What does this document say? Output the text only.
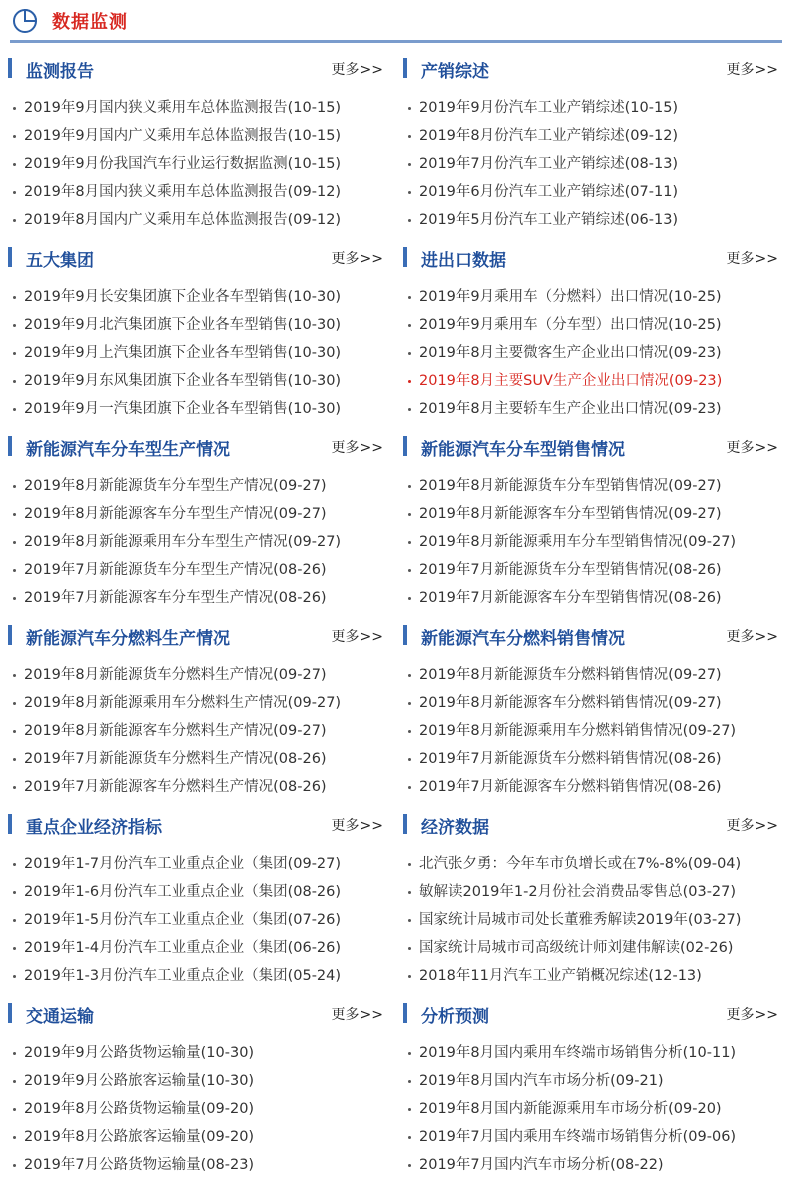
数据监测
监测报告	更多>>
2019年9月国内狭义乘用车总体监测报告(10-15)
2019年9月国内广义乘用车总体监测报告(10-15)
2019年9月份我国汽车行业运行数据监测(10-15)
2019年8月国内狭义乘用车总体监测报告(09-12)
2019年8月国内广义乘用车总体监测报告(09-12)
产销综述	更多>>
2019年9月份汽车工业产销综述(10-15)
2019年8月份汽车工业产销综述(09-12)
2019年7月份汽车工业产销综述(08-13)
2019年6月份汽车工业产销综述(07-11)
2019年5月份汽车工业产销综述(06-13)
五大集团	更多>>
2019年9月长安集团旗下企业各车型销售(10-30)
2019年9月北汽集团旗下企业各车型销售(10-30)
2019年9月上汽集团旗下企业各车型销售(10-30)
2019年9月东风集团旗下企业各车型销售(10-30)
2019年9月一汽集团旗下企业各车型销售(10-30)
进出口数据	更多>>
2019年9月乘用车（分燃料）出口情况(10-25)
2019年9月乘用车（分车型）出口情况(10-25)
2019年8月主要微客生产企业出口情况(09-23)
2019年8月主要SUV生产企业出口情况(09-23)
2019年8月主要轿车生产企业出口情况(09-23)
新能源汽车分车型生产情况	更多>>
2019年8月新能源货车分车型生产情况(09-27)
2019年8月新能源客车分车型生产情况(09-27)
2019年8月新能源乘用车分车型生产情况(09-27)
2019年7月新能源货车分车型生产情况(08-26)
2019年7月新能源客车分车型生产情况(08-26)
新能源汽车分车型销售情况	更多>>
2019年8月新能源货车分车型销售情况(09-27)
2019年8月新能源客车分车型销售情况(09-27)
2019年8月新能源乘用车分车型销售情况(09-27)
2019年7月新能源货车分车型销售情况(08-26)
2019年7月新能源客车分车型销售情况(08-26)
新能源汽车分燃料生产情况	更多>>
2019年8月新能源货车分燃料生产情况(09-27)
2019年8月新能源乘用车分燃料生产情况(09-27)
2019年8月新能源客车分燃料生产情况(09-27)
2019年7月新能源货车分燃料生产情况(08-26)
2019年7月新能源客车分燃料生产情况(08-26)
新能源汽车分燃料销售情况	更多>>
2019年8月新能源货车分燃料销售情况(09-27)
2019年8月新能源客车分燃料销售情况(09-27)
2019年8月新能源乘用车分燃料销售情况(09-27)
2019年7月新能源货车分燃料销售情况(08-26)
2019年7月新能源客车分燃料销售情况(08-26)
重点企业经济指标	更多>>
2019年1-7月份汽车工业重点企业（集团(09-27)
2019年1-6月份汽车工业重点企业（集团(08-26)
2019年1-5月份汽车工业重点企业（集团(07-26)
2019年1-4月份汽车工业重点企业（集团(06-26)
2019年1-3月份汽车工业重点企业（集团(05-24)
经济数据	更多>>
北汽张夕勇：今年车市负增长或在7%-8%(09-04)
敏解读2019年1-2月份社会消费品零售总(03-27)
国家统计局城市司处长董雅秀解读2019年(03-27)
国家统计局城市司高级统计师刘建伟解读(02-26)
2018年11月汽车工业产销概况综述(12-13)
交通运输	更多>>
2019年9月公路货物运输量(10-30)
2019年9月公路旅客运输量(10-30)
2019年8月公路货物运输量(09-20)
2019年8月公路旅客运输量(09-20)
2019年7月公路货物运输量(08-23)
分析预测	更多>>
2019年8月国内乘用车终端市场销售分析(10-11)
2019年8月国内汽车市场分析(09-21)
2019年8月国内新能源乘用车市场分析(09-20)
2019年7月国内乘用车终端市场销售分析(09-06)
2019年7月国内汽车市场分析(08-22)
